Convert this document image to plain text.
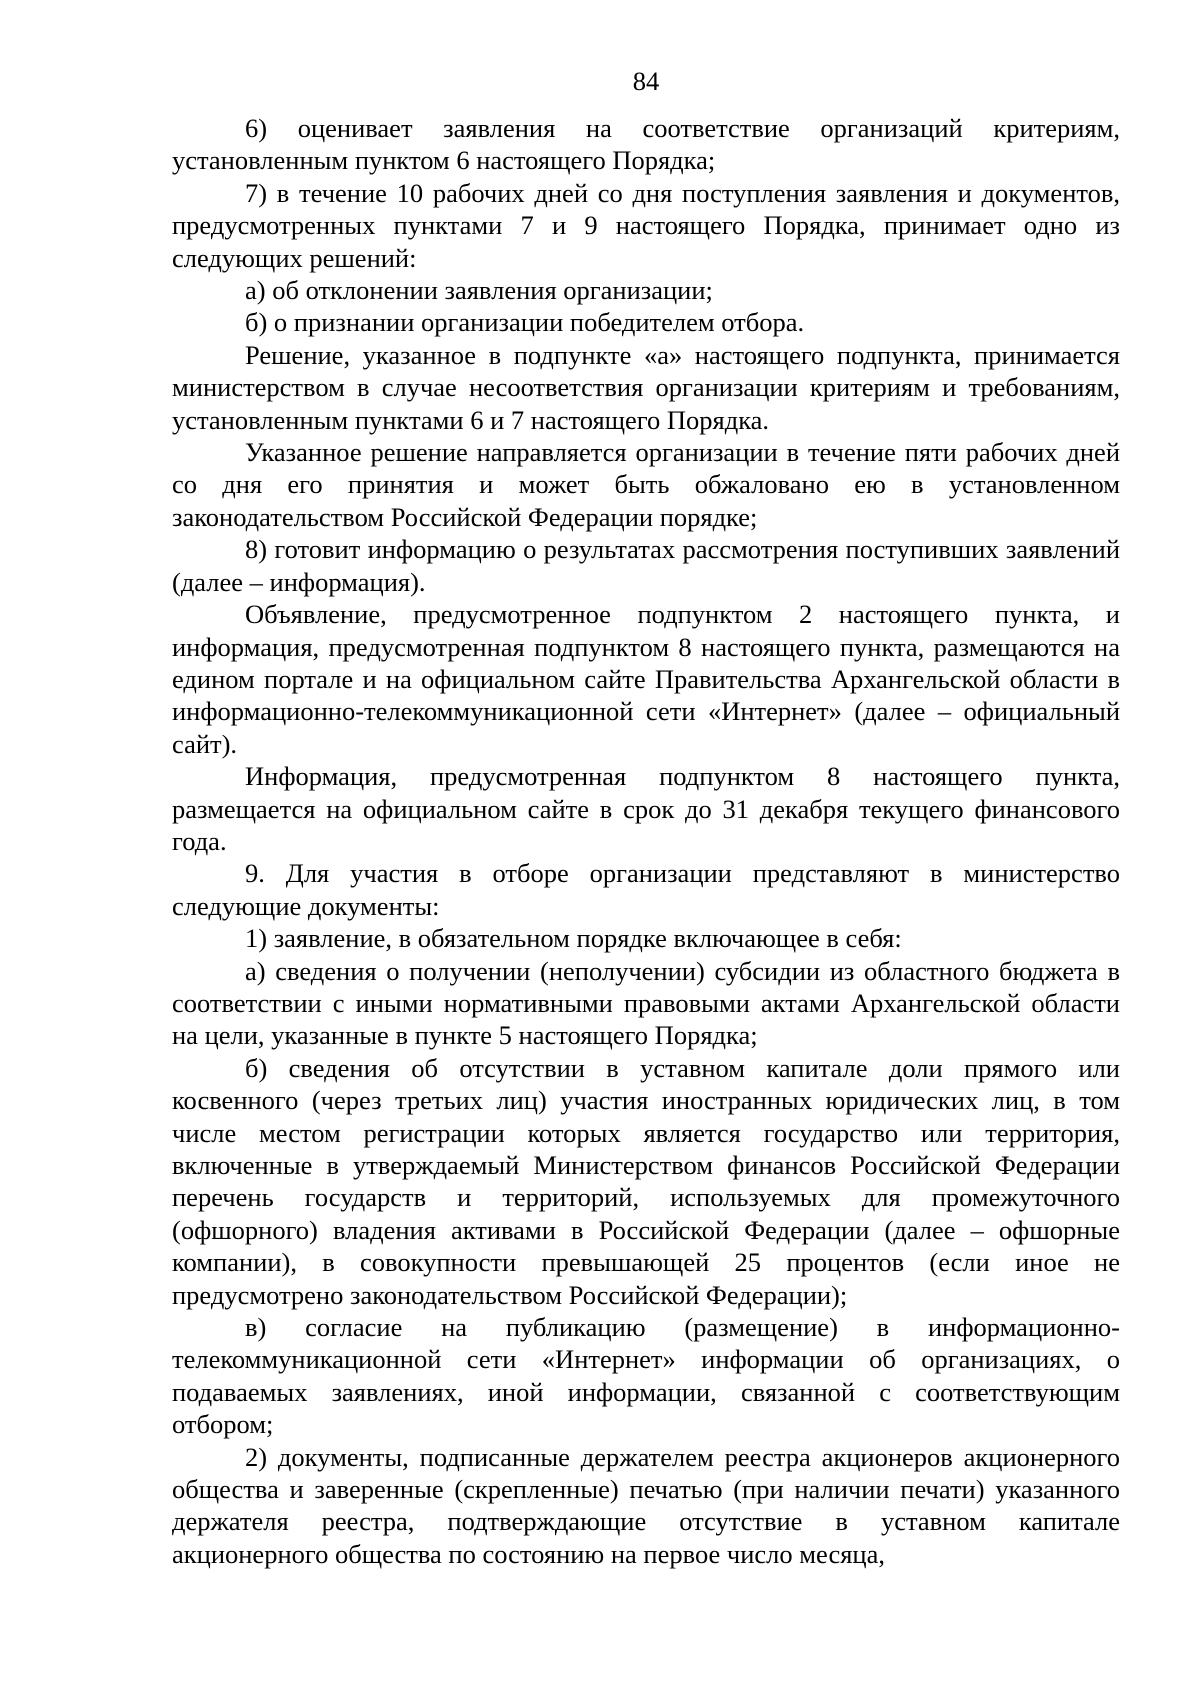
84

6) оценивает заявления на соответствие организаций критериям, установленным пунктом 6 настоящего Порядка;

7) в течение 10 рабочих дней со дня поступления заявления и документов, предусмотренных пунктами 7 и 9 настоящего Порядка, принимает одно из следующих решений:

а) об отклонении заявления организации;

б) о признании организации победителем отбора.

Решение, указанное в подпункте «а» настоящего подпункта, принимается министерством в случае несоответствия организации критериям и требованиям, установленным пунктами 6 и 7 настоящего Порядка.

Указанное решение направляется организации в течение пяти рабочих дней со дня его принятия и может быть обжаловано ею в установленном законодательством Российской Федерации порядке;

8) готовит информацию о результатах рассмотрения поступивших заявлений (далее – информация).

Объявление, предусмотренное подпунктом 2 настоящего пункта, и информация, предусмотренная подпунктом 8 настоящего пункта, размещаются на едином портале и на официальном сайте Правительства Архангельской области в информационно-телекоммуникационной сети «Интернет» (далее – официальный сайт).

Информация, предусмотренная подпунктом 8 настоящего пункта, размещается на официальном сайте в срок до 31 декабря текущего финансового года.

9. Для участия в отборе организации представляют в министерство следующие документы:

1) заявление, в обязательном порядке включающее в себя:

а) сведения о получении (неполучении) субсидии из областного бюджета в соответствии с иными нормативными правовыми актами Архангельской области на цели, указанные в пункте 5 настоящего Порядка;

б) сведения об отсутствии в уставном капитале доли прямого или косвенного (через третьих лиц) участия иностранных юридических лиц, в том числе местом регистрации которых является государство или территория, включенные в утверждаемый Министерством финансов Российской Федерации перечень государств и территорий, используемых для промежуточного (офшорного) владения активами в Российской Федерации (далее – офшорные компании), в совокупности превышающей 25 процентов (если иное не предусмотрено законодательством Российской Федерации);

в) согласие на публикацию (размещение) в информационно-телекоммуникационной сети «Интернет» информации об организациях, о подаваемых заявлениях, иной информации, связанной с соответствующим отбором;

2) документы, подписанные держателем реестра акционеров акционерного общества и заверенные (скрепленные) печатью (при наличии печати) указанного держателя реестра, подтверждающие отсутствие в уставном капитале акционерного общества по состоянию на первое число месяца,
